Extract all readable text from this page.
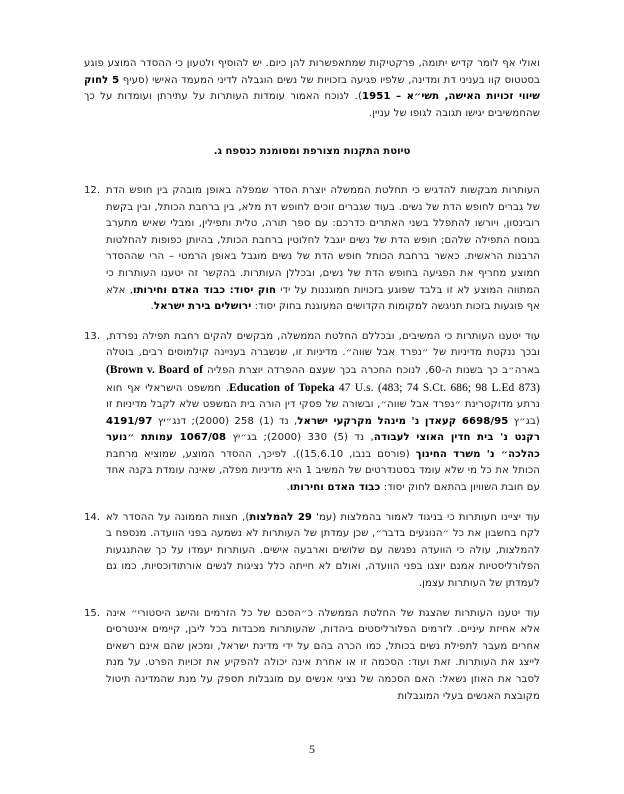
ואולי אף לומר קדיש יתומה, פרקטיקות שמתאפשרות להן כיום. יש להוסיף ולטעון כי ההסדר המוצע פוגע בסטטוס קוו בעניני דת ומדינה, שלפיו פגיעה בזכויות של נשים הוגבלה לדיני המעמד האישי (סעיף 5 לחוק שיווי זכויות האישה, תשי״א – 1951). לנוכח האמור עומדות העותרות על עתירתן ועומדות על כך שהחמשיבים יגישו תגובה לגופו של עניין.

טיוטת התקנות מצורפת ומסומנת כנספח ג.

12. העותרות מבקשות להדגיש כי תחלטת הממשלה יוצרת הסדר שמפלה באופן מובהק בין חופש הדת של גברים לחופש הדת של נשים. בעוד שגברים זוכים לחופש דת מלא, בין ברחבת הכותל, ובין בקשת רובינסון, ויורשו להתפלל בשני האתרים כדרכם: עם ספר תורה, טלית ותפילין, ומבלי שאיש מתערב בנוסח התפילה שלהם; חופש הדת של נשים יוגבל לחלוטין ברחבת הכותל, בהיותן כפופות להחלטות הרבנות הראשית. כאשר ברחבת הכותל חופש הדת של נשים מוגבל באופן הרמטי – הרי שההסדר חמוצע מחריף את הפגיעה בחופש הדת של נשים, ובכללן העותרות. בהקשר זה יטענו העותרות כי המתווה המוצע לא זו בלבד שפוגע בזכויות חמוגננות על ידי חוק יסוד: כבוד האדם וחירותו, אלא אף פוגעות בזכות תניגשה למקומות הקדושים המעוגנת בחוק יסוד: ירושלים בירת ישראל.
13. עוד יטענו העותרות כי המשיבים, ובכללם החלטת הממשלה, מבקשים להקים רחבת תפילה נפרדת, ובכך ננקטת מדיניות של ״נפרד אבל שווה״. מדיניות זו, שנשברה בעניינה קולמוסים רבים, בוטלה בארה״ב כך בשנות ה-60, לנוכח החכרה בכך שעצם ההפרדה יוצרת הפליה (Brown v. Board of Education of Topeka 47 U.s. (483; 74 S.Ct. 686; 98 L.Ed 873). חמשפט הישראלי אף חוא נרתע מדוקטרינת ״נפרד אבל שווה״, ובשורה של פסקי דין הורה בית המשפט שלא לקבל מדיניות זו (בג״ץ 6698/95 קעאדן נ' מינהל מקרקעי ישראל, נד (1) 258 (2000); דנג״יץ 4191/97 רקנט נ' בית חדין האוצי לעבודה, נד (5) 330 (2000); בג״יץ 1067/08 עמותת ״נוער כהלכה״ נ' משרד החינוך (פורסם בנבו, 15.6.10)). לפיכך, ההסדר המוצע, שמוציא מרחבת הכותל את כל מי שלא עומד בסטנדרטים של המשיב 1 היא מדיניות מפלה, שאינה עומדת בקנה אחד עם חובת השוויון בהתאם לחוק יסוד: כבוד האדם וחירותו.
14.	עוד יציינו חעותרות כי בניגוד לאמור בהמלצות (עמ' 29 להמלצות), חצוות הממונה על ההסדר לא לקח בחשבון את כל ״הנוגעים בדבר״, שכן עמדתן של העותרות לא נשמעה בפני הוועדה. מנספח ב להמלצות, עולה כי הוועדה נפגשה עם שלושים וארבעה אישים. העותרות יעמדו על כך שהתנגעות הפלורליסטיות אמנם יוצגו בפני הוועדה, ואולם לא חייתה כלל נציגות לנשים אורתודוכסיות, כמו גם לעמדתן של העותרות עצמן.
15. עוד יטענו העותרות שהצגת של החלטת הממשלה כ״הסכם של כל הזרמים והישג היסטורי״ אינה אלא אחיזת עיניים. לזרמים הפלורליסטים ביהדות, שהעותרות מכבדות בכל ליבן, קיימים אינטרסים אחרים מעבר לתפילת נשים בכותל, כמו הכרה בהם על ידי מדינת ישראל, ומכאן שהם אינם רשאים לייצג את העותרות. זאת ועוד: הסכמה זו או אחרת אינה יכולה להפקיע את זכויות הפרט. על מנת לסבר את האוזן נשאל: האם הסכמה של נציגי אנשים עם מוגבלות תספק על מנת שהמדינה תיטול מקובצת האנשים בעלי המוגבלות
5
